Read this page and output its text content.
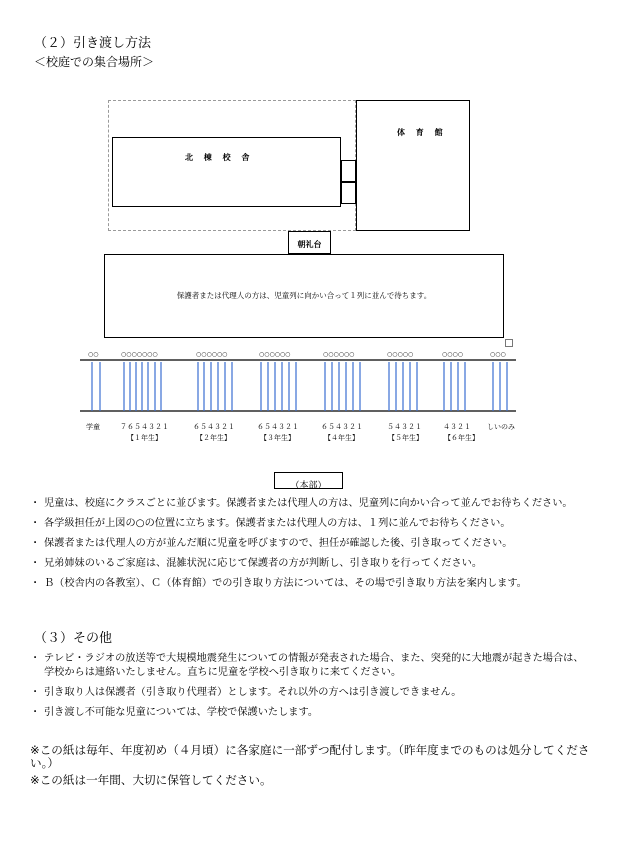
（２）引き渡し方法
＜校庭での集合場所＞
北 棟 校 舎
体 育 館
朝礼台
保護者または代理人の方は、児童列に向かい合って１列に並んで待ちます。
○○	○○○○○○○	○○○○○○	○○○○○○	○○○○○○	○○○○○	○○○○	○○○
学童	７６５４３２１	６５４３２１	６５４３２１	６５４３２１	５４３２１	４３２１ しいのみ
【１年生】	【２年生】	【３年生】	【４年生】	【５年生】	【６年生】
（本部）
・ 児童は、校庭にクラスごとに並びます。保護者または代理人の方は、児童列に向かい合って並んでお待ちください。
・ 各学級担任が上図の○の位置に立ちます。保護者または代理人の方は、１列に並んでお待ちください。
・ 保護者または代理人の方が並んだ順に児童を呼びますので、担任が確認した後、引き取ってください。
・ 兄弟姉妹のいるご家庭は、混雑状況に応じて保護者の方が判断し、引き取りを行ってください。
・ Ｂ（校舎内の各教室）、Ｃ（体育館）での引き取り方法については、その場で引き取り方法を案内します。
（３）その他
・ テレビ・ラジオの放送等で大規模地震発生についての情報が発表された場合、また、突発的に大地震が起きた場合は、学校からは連絡いたしません。直ちに児童を学校へ引き取りに来てください。
・ 引き取り人は保護者（引き取り代理者）とします。それ以外の方へは引き渡しできません。
・ 引き渡し不可能な児童については、学校で保護いたします。
※この紙は毎年、年度初め（４月頃）に各家庭に一部ずつ配付します。（昨年度までのものは処分してください。）
※この紙は一年間、大切に保管してください。
